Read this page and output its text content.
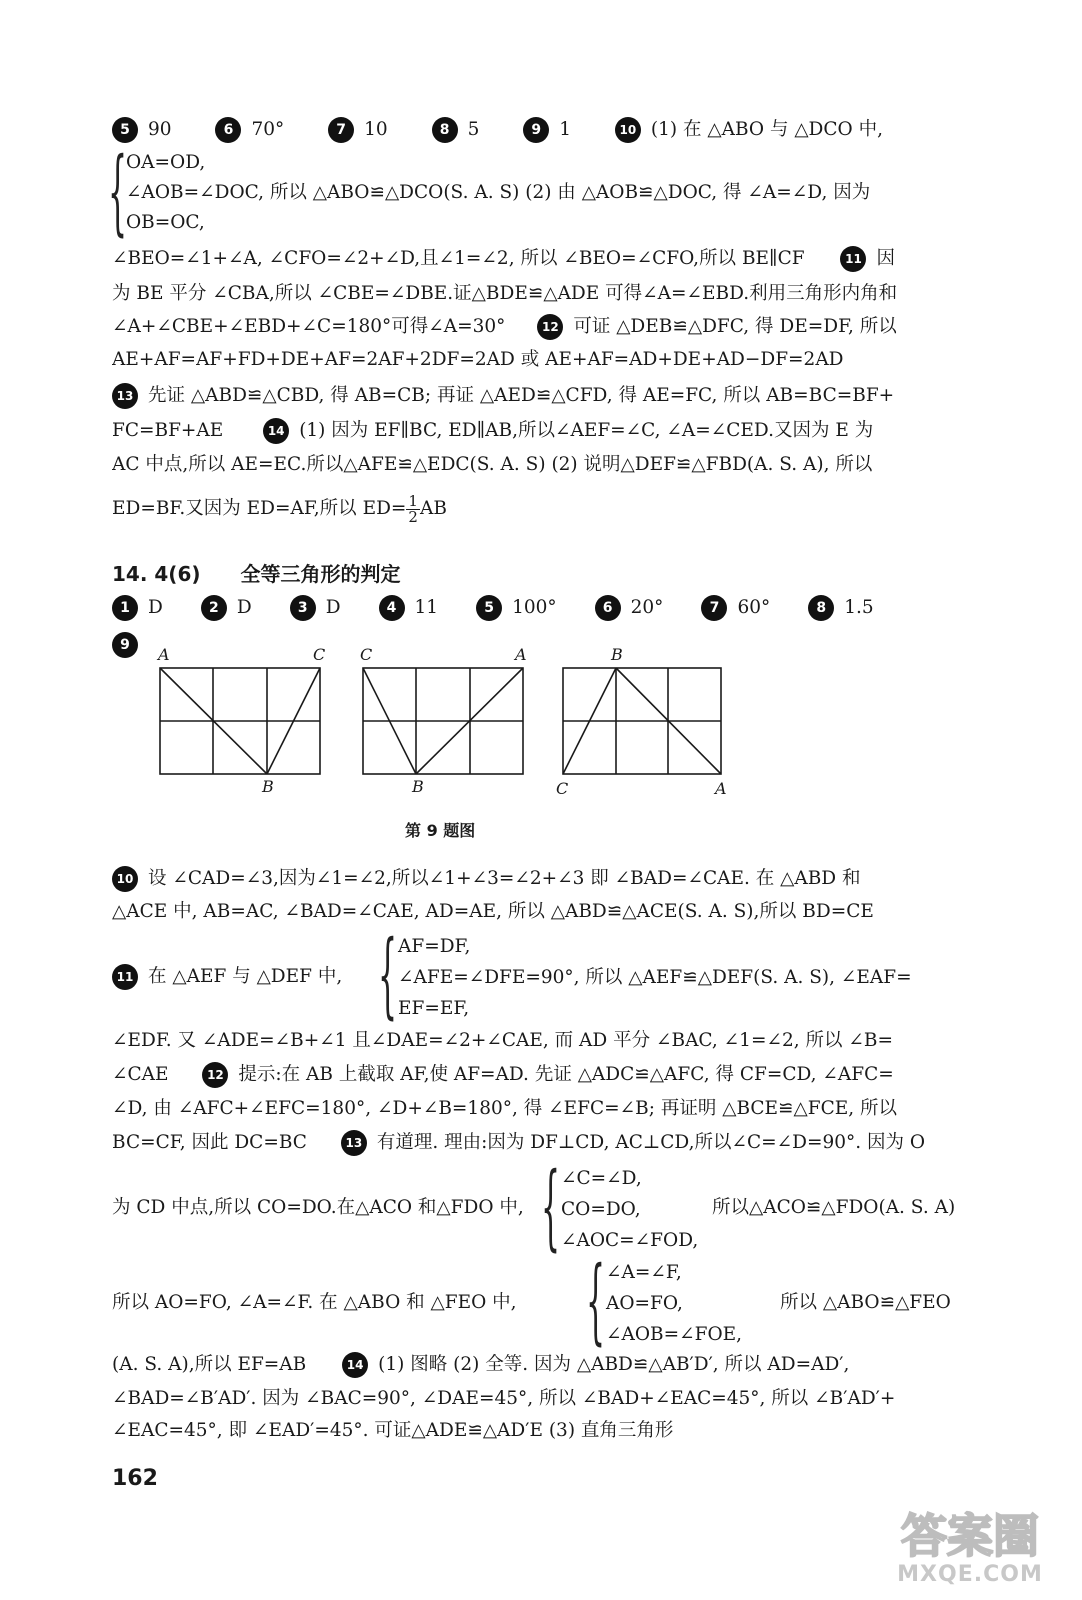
5 90	6 70°	7 10	8 5	9 1	10 (1) 在 △ABO 与 △DCO 中,
{
OA=OD,
∠AOB=∠DOC, 所以 △ABO≌△DCO(S. A. S) (2) 由 △AOB≌△DOC, 得 ∠A=∠D, 因为
OB=OC,
∠BEO=∠1+∠A, ∠CFO=∠2+∠D,且∠1=∠2, 所以 ∠BEO=∠CFO,所以 BE∥CF	11 因
为 BE 平分 ∠CBA,所以 ∠CBE=∠DBE.证△BDE≌△ADE 可得∠A=∠EBD.利用三角形内角和
∠A+∠CBE+∠EBD+∠C=180°可得∠A=30°	12 可证 △DEB≌△DFC, 得 DE=DF, 所以
AE+AF=AF+FD+DE+AF=2AF+2DF=2AD 或 AE+AF=AD+DE+AD−DF=2AD
13 先证 △ABD≌△CBD, 得 AB=CB; 再证 △AED≌△CFD, 得 AE=FC, 所以 AB=BC=BF+
FC=BF+AE	14 (1) 因为 EF∥BC, ED∥AB,所以∠AEF=∠C, ∠A=∠CED.又因为 E 为
AC 中点,所以 AE=EC.所以△AFE≌△EDC(S. A. S) (2) 说明△DEF≌△FBD(A. S. A), 所以
ED=BF.又因为 ED=AF,所以 $ED= \frac{1}{2}$ AB
14. 4(6) 全等三角形的判定
1 D	2 D	3 D	4 11	5 100°	6 20°	7 60°	8 1.5
9	A	C
B
C	A
B
B
C	A
第 9 题图
10 设 ∠CAD=∠3,因为∠1=∠2,所以∠1+∠3=∠2+∠3 即 ∠BAD=∠CAE. 在 △ABD 和
△ACE 中, AB=AC, ∠BAD=∠CAE, AD=AE, 所以 △ABD≌△ACE(S. A. S),所以 BD=CE
11 在 △AEF 与 △DEF 中,	{ AF=DF,
∠AFE=∠DFE=90°, 所以 △AEF≌△DEF(S. A. S), ∠EAF=
EF=EF,
∠EDF. 又 ∠ADE=∠B+∠1 且∠DAE=∠2+∠CAE, 而 AD 平分 ∠BAC, ∠1=∠2, 所以 ∠B=
∠CAE	12 提示:在 AB 上截取 AF,使 AF=AD. 先证 △ADC≌△AFC, 得 CF=CD, ∠AFC=
∠D, 由 ∠AFC+∠EFC=180°, ∠D+∠B=180°, 得 ∠EFC=∠B; 再证明 △BCE≌△FCE, 所以
BC=CF, 因此 DC=BC	13 有道理. 理由:因为 DF⊥CD, AC⊥CD,所以∠C=∠D=90°. 因为 O
为 CD 中点,所以 CO=DO.在△ACO 和△FDO 中, { ∠C=∠D,
CO=DO,
∠AOC=∠FOD,
所以△ACO≌△FDO(A. S. A)
所以 AO=FO, ∠A=∠F. 在 △ABO 和 △FEO 中,	{ ∠A=∠F,
AO=FO,
∠AOB=∠FOE,
所以 △ABO≌△FEO
(A. S. A),所以 EF=AB	14 (1) 图略 (2) 全等. 因为 △ABD≌△AB′D′, 所以 AD=AD′,
∠BAD=∠B′AD′. 因为 ∠BAC=90°, ∠DAE=45°, 所以 ∠BAD+∠EAC=45°, 所以 ∠B′AD′+
∠EAC=45°, 即 ∠EAD′=45°. 可证△ADE≌△AD′E (3) 直角三角形
162
答案圈
MXQE.COM
